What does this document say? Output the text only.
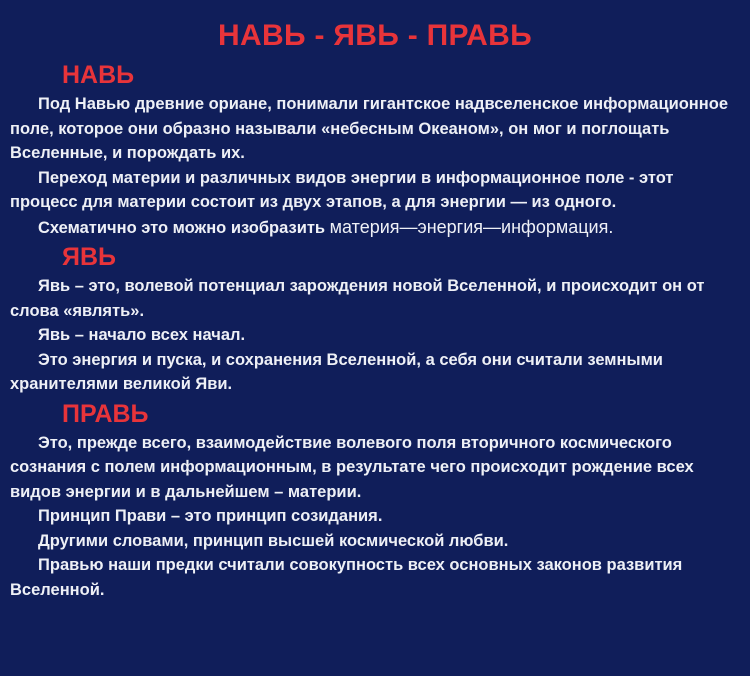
НАВЬ - ЯВЬ - ПРАВЬ
НАВЬ

Под Навью древние ориане, понимали гигантское надвселенское информационное поле, которое они образно называли «небесным Океаном», он мог и поглощать Вселенные, и порождать их.

Переход материи и различных видов энергии в информационное поле - этот процесс для материи состоит из двух этапов, а для энергии — из одного.

Схематично это можно изобразить материя—энергия—информация.

ЯВЬ

Явь – это, волевой потенциал зарождения новой Вселенной, и происходит он от слова «являть».

Явь – начало всех начал.

Это энергия и пуска, и сохранения Вселенной, а себя они считали земными хранителями великой Яви.

ПРАВЬ

Это, прежде всего, взаимодействие волевого поля вторичного космического сознания с полем информационным, в результате чего происходит рождение всех видов энергии и в дальнейшем – материи.

Принцип Прави – это принцип созидания.

Другими словами, принцип высшей космической любви.

Правью наши предки считали совокупность всех основных законов развития Вселенной.
